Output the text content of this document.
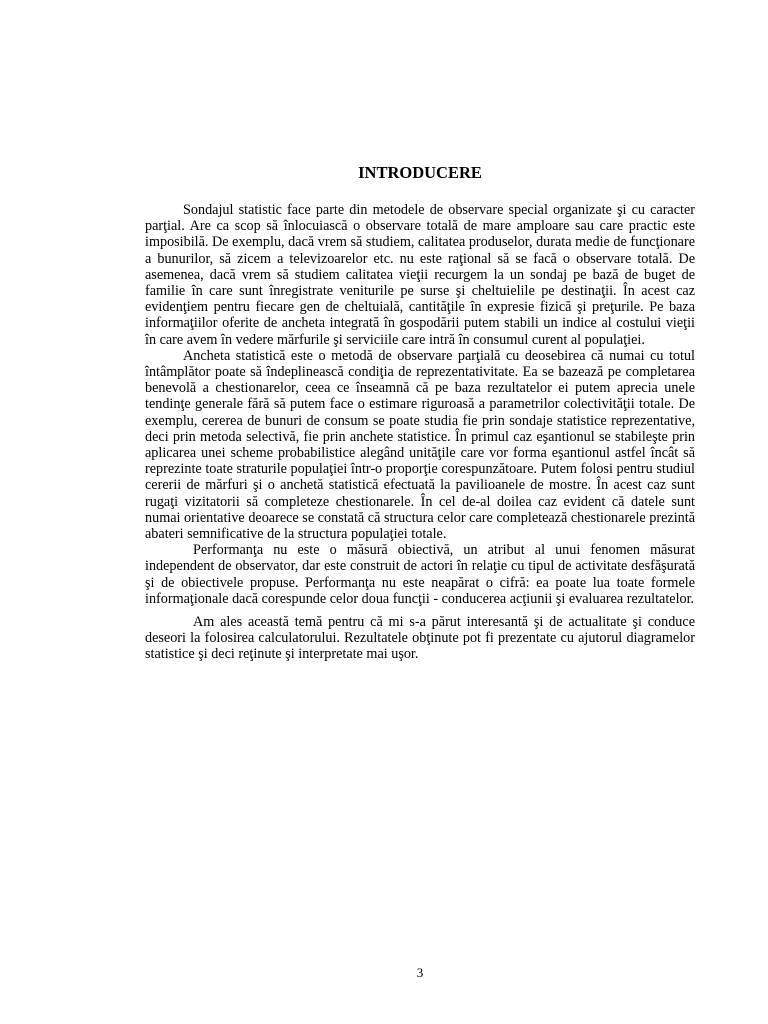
INTRODUCERE

Sondajul statistic face parte din metodele de observare special organizate şi cu caracter parţial. Are ca scop să înlocuiască o observare totală de mare amploare sau care practic este imposibilă. De exemplu, dacă vrem să studiem, calitatea produselor, durata medie de funcţionare a bunurilor, să zicem a televizoarelor etc. nu este raţional să se facă o observare totală. De asemenea, dacă vrem să studiem calitatea vieţii recurgem la un sondaj pe bază de buget de familie în care sunt înregistrate veniturile pe surse şi cheltuielile pe destinaţii. În acest caz evidenţiem pentru fiecare gen de cheltuială, cantităţile în expresie fizică şi preţurile. Pe baza informaţiilor oferite de ancheta integrată în gospodării putem stabili un indice al costului vieţii în care avem în vedere mărfurile şi serviciile care intră în consumul curent al populaţiei.

Ancheta statistică este o metodă de observare parţială cu deosebirea că numai cu totul întâmplător poate să îndeplinească condiţia de reprezentativitate. Ea se bazează pe completarea benevolă a chestionarelor, ceea ce înseamnă că pe baza rezultatelor ei putem aprecia unele tendinţe generale fără să putem face o estimare riguroasă a parametrilor colectivităţii totale. De exemplu, cererea de bunuri de consum se poate studia fie prin sondaje statistice reprezentative, deci prin metoda selectivă, fie prin anchete statistice. În primul caz eşantionul se stabileşte prin aplicarea unei scheme probabilistice alegând unităţile care vor forma eşantionul astfel încât să reprezinte toate straturile populaţiei într-o proporţie corespunzătoare. Putem folosi pentru studiul cererii de mărfuri şi o anchetă statistică efectuată la pavilioanele de mostre. În acest caz sunt rugaţi vizitatorii să completeze chestionarele. În cel de-al doilea caz evident că datele sunt numai orientative deoarece se constată că structura celor care completează chestionarele prezintă abateri semnificative de la structura populaţiei totale.

Performanţa nu este o măsură obiectivă, un atribut al unui fenomen măsurat independent de observator, dar este construit de actori în relaţie cu tipul de activitate desfăşurată şi de obiectivele propuse. Performanţa nu este neapărat o cifră: ea poate lua toate formele informaţionale dacă corespunde celor doua funcţii - conducerea acţiunii şi evaluarea rezultatelor.

Am ales această temă pentru că mi s-a părut interesantă şi de actualitate şi conduce deseori la folosirea calculatorului. Rezultatele obţinute pot fi prezentate cu ajutorul diagramelor statistice şi deci reţinute şi interpretate mai uşor.

3
